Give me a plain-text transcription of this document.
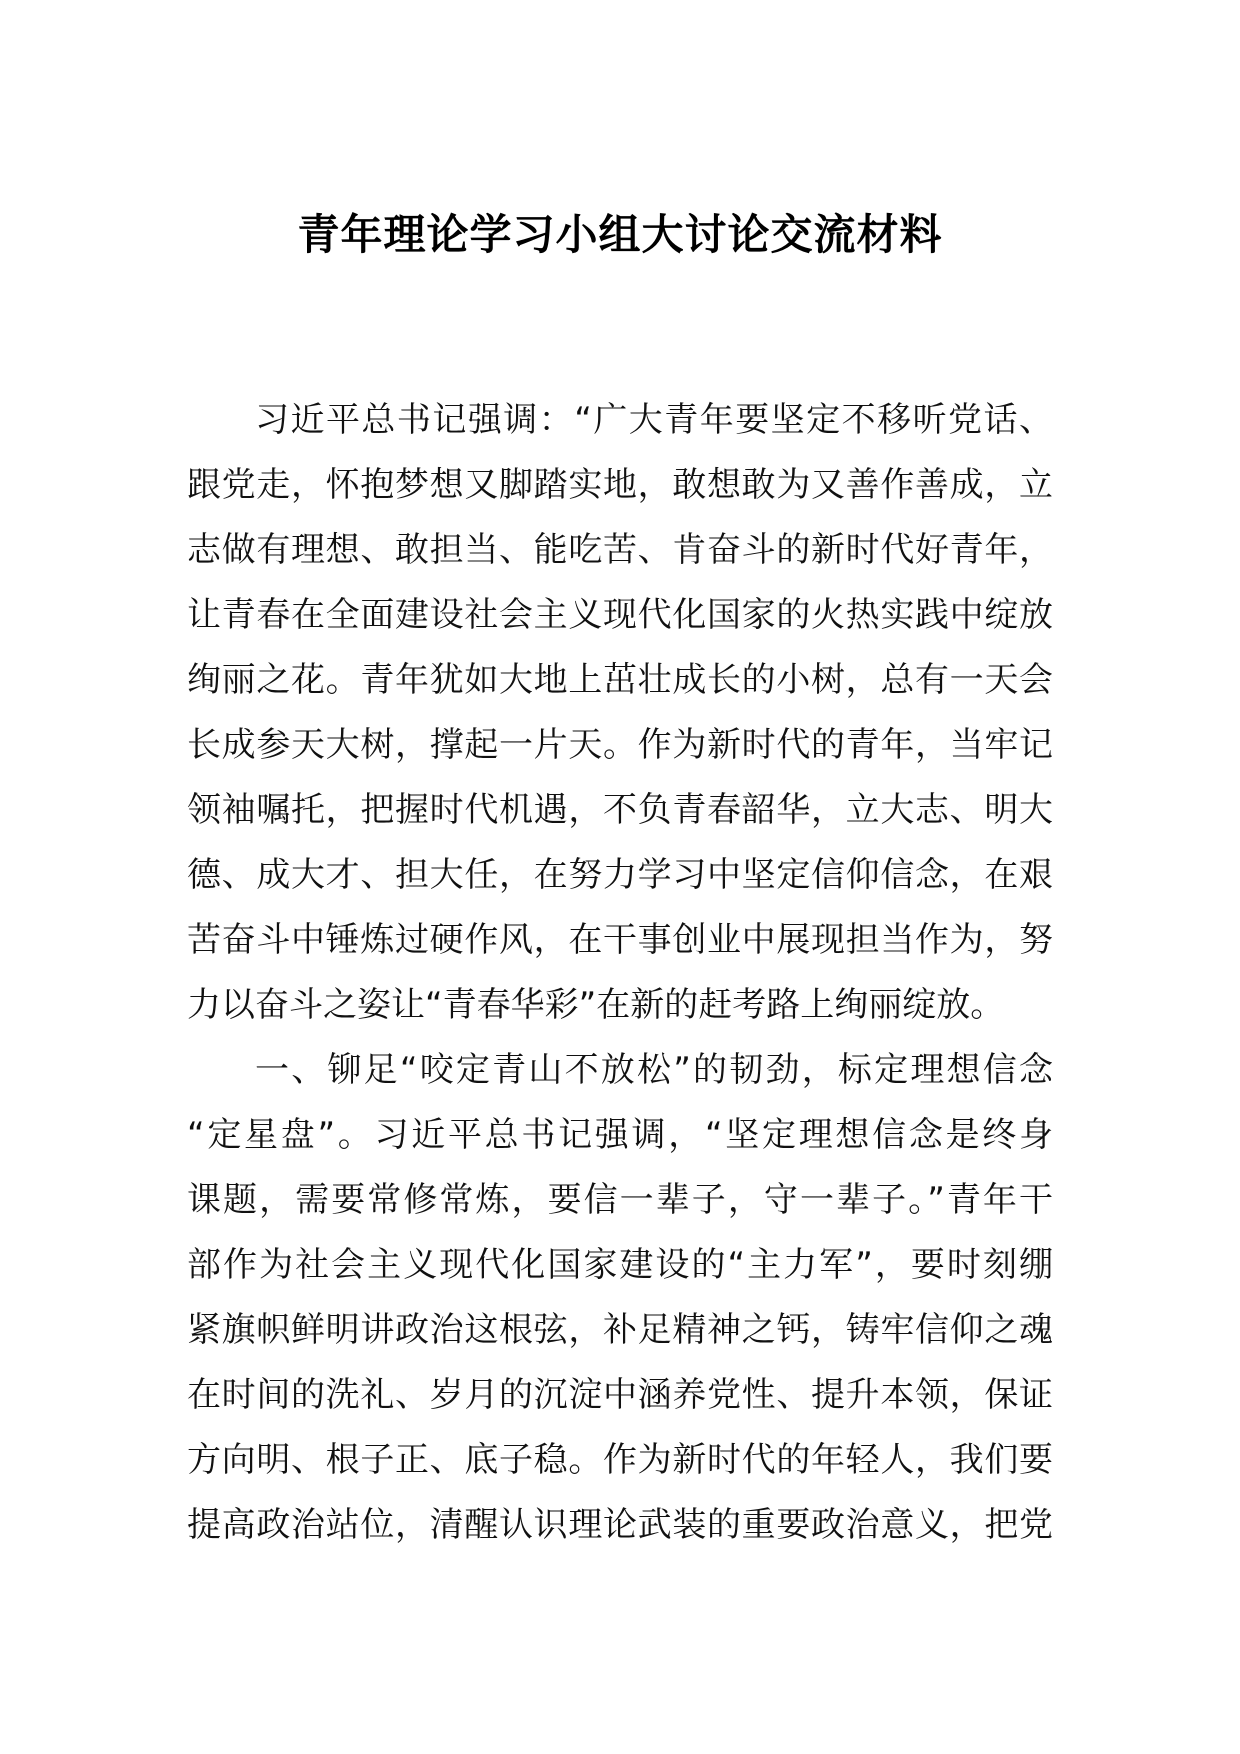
青年理论学习小组大讨论交流材料
习近平总书记强调：“广大青年要坚定不移听党话、
跟党走，怀抱梦想又脚踏实地，敢想敢为又善作善成，立
志做有理想、敢担当、能吃苦、肯奋斗的新时代好青年，
让青春在全面建设社会主义现代化国家的火热实践中绽放
绚丽之花。青年犹如大地上茁壮成长的小树，总有一天会
长成参天大树，撑起一片天。作为新时代的青年，当牢记
领袖嘱托，把握时代机遇，不负青春韶华，立大志、明大
德、成大才、担大任，在努力学习中坚定信仰信念，在艰
苦奋斗中锤炼过硬作风，在干事创业中展现担当作为，努
力以奋斗之姿让“青春华彩”在新的赶考路上绚丽绽放。
一、铆足“咬定青山不放松”的韧劲，标定理想信念
“定星盘”。习近平总书记强调，“坚定理想信念是终身
课题，需要常修常炼，要信一辈子，守一辈子。”青年干
部作为社会主义现代化国家建设的“主力军”，要时刻绷
紧旗帜鲜明讲政治这根弦，补足精神之钙，铸牢信仰之魂
在时间的洗礼、岁月的沉淀中涵养党性、提升本领，保证
方向明、根子正、底子稳。作为新时代的年轻人，我们要
提高政治站位，清醒认识理论武装的重要政治意义，把党
